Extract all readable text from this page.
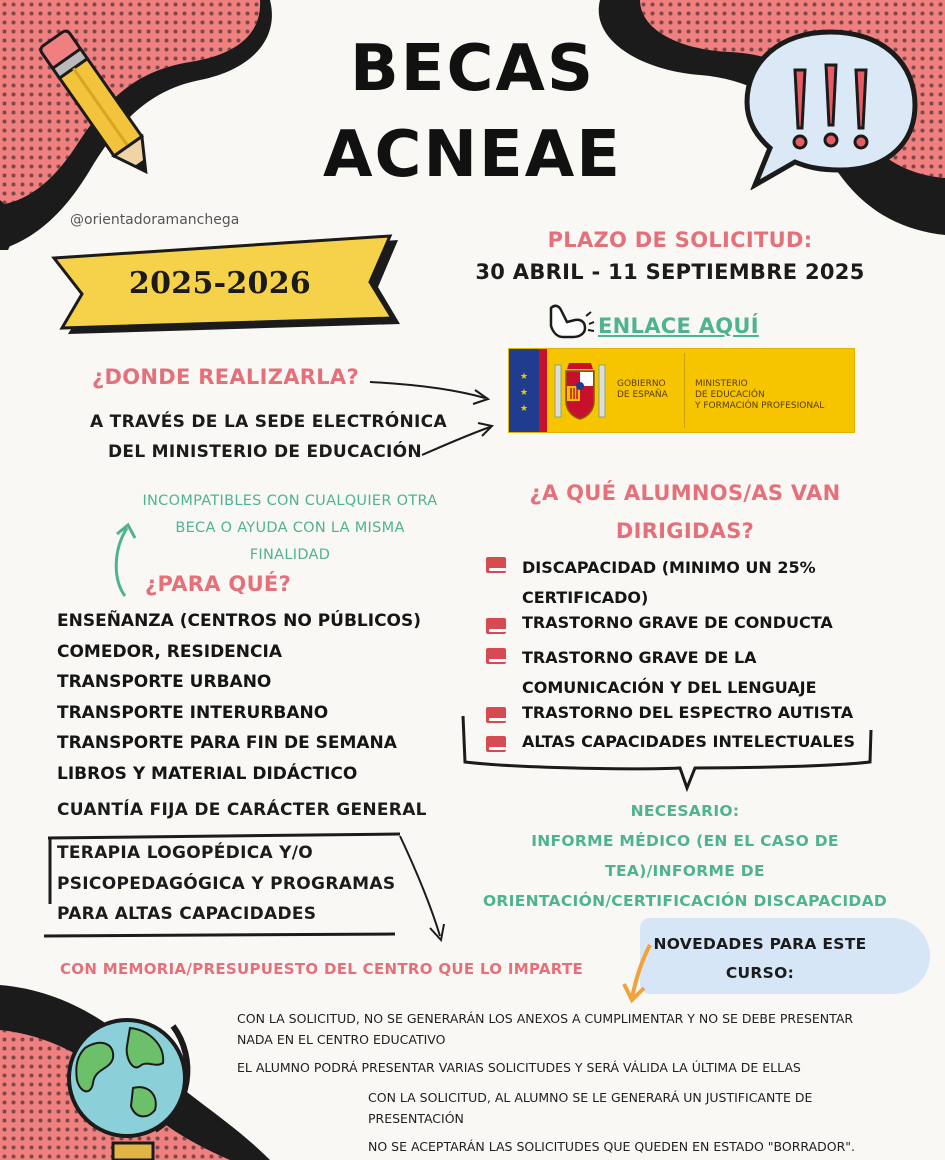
BECAS
ACNEAE
@orientadoramanchega
2025-2026
PLAZO DE SOLICITUD:
30 ABRIL - 11 SEPTIEMBRE 2025
ENLACE AQUÍ
★
★
★
GOBIERNO
DE ESPAÑA
MINISTERIO
DE EDUCACIÓN
Y FORMACIÓN PROFESIONAL
¿DONDE REALIZARLA?
A TRAVÉS DE LA SEDE ELECTRÓNICA
DEL MINISTERIO DE EDUCACIÓN
INCOMPATIBLES CON CUALQUIER OTRA
BECA O AYUDA CON LA MISMA
FINALIDAD
¿PARA QUÉ?
ENSEÑANZA (CENTROS NO PÚBLICOS)
COMEDOR, RESIDENCIA
TRANSPORTE URBANO
TRANSPORTE INTERURBANO
TRANSPORTE PARA FIN DE SEMANA
LIBROS Y MATERIAL DIDÁCTICO
CUANTÍA FIJA DE CARÁCTER GENERAL
TERAPIA LOGOPÉDICA Y/O
PSICOPEDAGÓGICA Y PROGRAMAS
PARA ALTAS CAPACIDADES
CON MEMORIA/PRESUPUESTO DEL CENTRO QUE LO IMPARTE
¿A QUÉ ALUMNOS/AS VAN
DIRIGIDAS?
DISCAPACIDAD (MINIMO UN 25%
CERTIFICADO)
TRASTORNO GRAVE DE CONDUCTA
TRASTORNO GRAVE DE LA
COMUNICACIÓN Y DEL LENGUAJE
TRASTORNO DEL ESPECTRO AUTISTA
ALTAS CAPACIDADES INTELECTUALES
NECESARIO:
INFORME MÉDICO (EN EL CASO DE
TEA)/INFORME DE
ORIENTACIÓN/CERTIFICACIÓN DISCAPACIDAD
NOVEDADES PARA ESTE
CURSO:
CON LA SOLICITUD, NO SE GENERARÁN LOS ANEXOS A CUMPLIMENTAR Y NO SE DEBE PRESENTAR
NADA EN EL CENTRO EDUCATIVO
EL ALUMNO PODRÁ PRESENTAR VARIAS SOLICITUDES Y SERÁ VÁLIDA LA ÚLTIMA DE ELLAS
CON LA SOLICITUD, AL ALUMNO SE LE GENERARÁ UN JUSTIFICANTE DE
PRESENTACIÓN
NO SE ACEPTARÁN LAS SOLICITUDES QUE QUEDEN EN ESTADO "BORRADOR".
